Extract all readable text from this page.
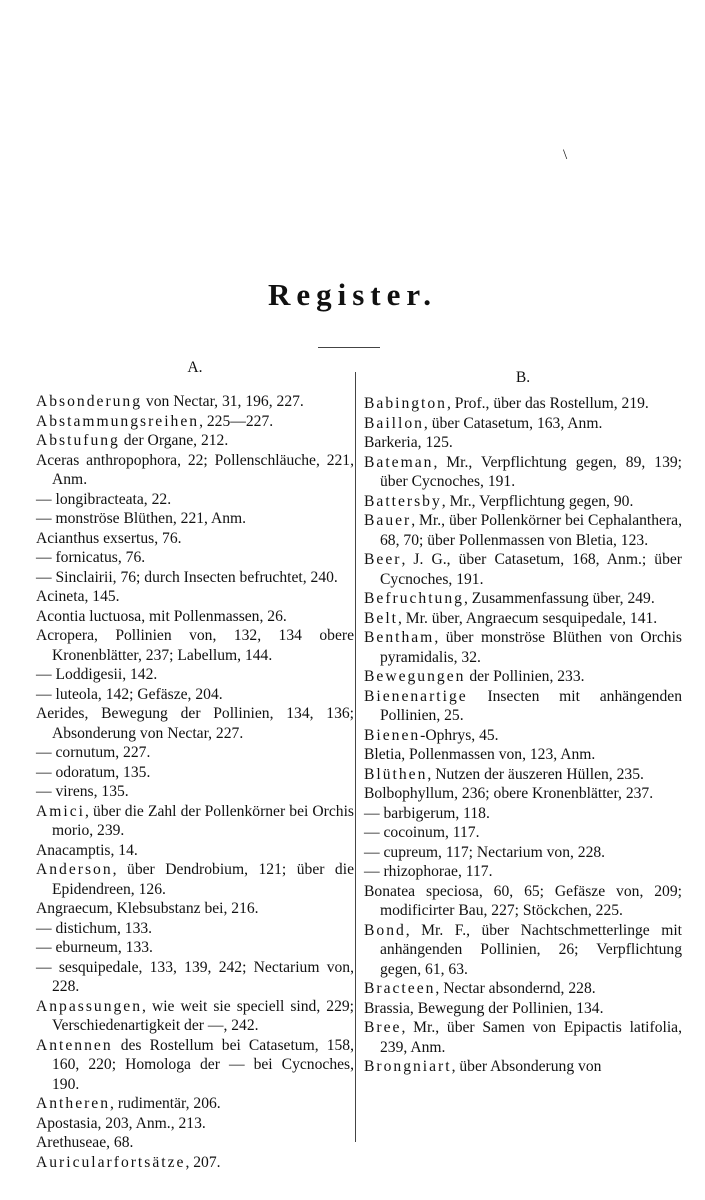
\
Register.
A.
Absonderung von Nectar, 31, 196, 227.
Abstammungsreihen, 225—227.
Abstufung der Organe, 212.
Aceras anthropophora, 22; Pollenschläuche, 221, Anm.
— longibracteata, 22.
— monströse Blüthen, 221, Anm.
Acianthus exsertus, 76.
— fornicatus, 76.
— Sinclairii, 76; durch Insecten befruchtet, 240.
Acineta, 145.
Acontia luctuosa, mit Pollenmassen, 26.
Acropera, Pollinien von, 132, 134 obere Kronenblätter, 237; Labellum, 144.
— Loddigesii, 142.
— luteola, 142; Gefäsze, 204.
Aerides, Bewegung der Pollinien, 134, 136; Absonderung von Nectar, 227.
— cornutum, 227.
— odoratum, 135.
— virens, 135.
Amici, über die Zahl der Pollenkörner bei Orchis morio, 239.
Anacamptis, 14.
Anderson, über Dendrobium, 121; über die Epidendreen, 126.
Angraecum, Klebsubstanz bei, 216.
— distichum, 133.
— eburneum, 133.
— sesquipedale, 133, 139, 242; Nectarium von, 228.
Anpassungen, wie weit sie speciell sind, 229; Verschiedenartigkeit der —, 242.
Antennen des Rostellum bei Catasetum, 158, 160, 220; Homologa der — bei Cycnoches, 190.
Antheren, rudimentär, 206.
Apostasia, 203, Anm., 213.
Arethuseae, 68.
Auricularfortsätze, 207.
B.
Babington, Prof., über das Rostellum, 219.
Baillon, über Catasetum, 163, Anm.
Barkeria, 125.
Bateman, Mr., Verpflichtung gegen, 89, 139; über Cycnoches, 191.
Battersby, Mr., Verpflichtung gegen, 90.
Bauer, Mr., über Pollenkörner bei Cephalanthera, 68, 70; über Pollenmassen von Bletia, 123.
Beer, J. G., über Catasetum, 168, Anm.; über Cycnoches, 191.
Befruchtung, Zusammenfassung über, 249.
Belt, Mr. über, Angraecum sesquipedale, 141.
Bentham, über monströse Blüthen von Orchis pyramidalis, 32.
Bewegungen der Pollinien, 233.
Bienenartige Insecten mit anhängenden Pollinien, 25.
Bienen-Ophrys, 45.
Bletia, Pollenmassen von, 123, Anm.
Blüthen, Nutzen der äuszeren Hüllen, 235.
Bolbophyllum, 236; obere Kronenblätter, 237.
— barbigerum, 118.
— cocoinum, 117.
— cupreum, 117; Nectarium von, 228.
— rhizophorae, 117.
Bonatea speciosa, 60, 65; Gefäsze von, 209; modificirter Bau, 227; Stöckchen, 225.
Bond, Mr. F., über Nachtschmetterlinge mit anhängenden Pollinien, 26; Verpflichtung gegen, 61, 63.
Bracteen, Nectar absondernd, 228.
Brassia, Bewegung der Pollinien, 134.
Bree, Mr., über Samen von Epipactis latifolia, 239, Anm.
Brongniart, über Absonderung von
